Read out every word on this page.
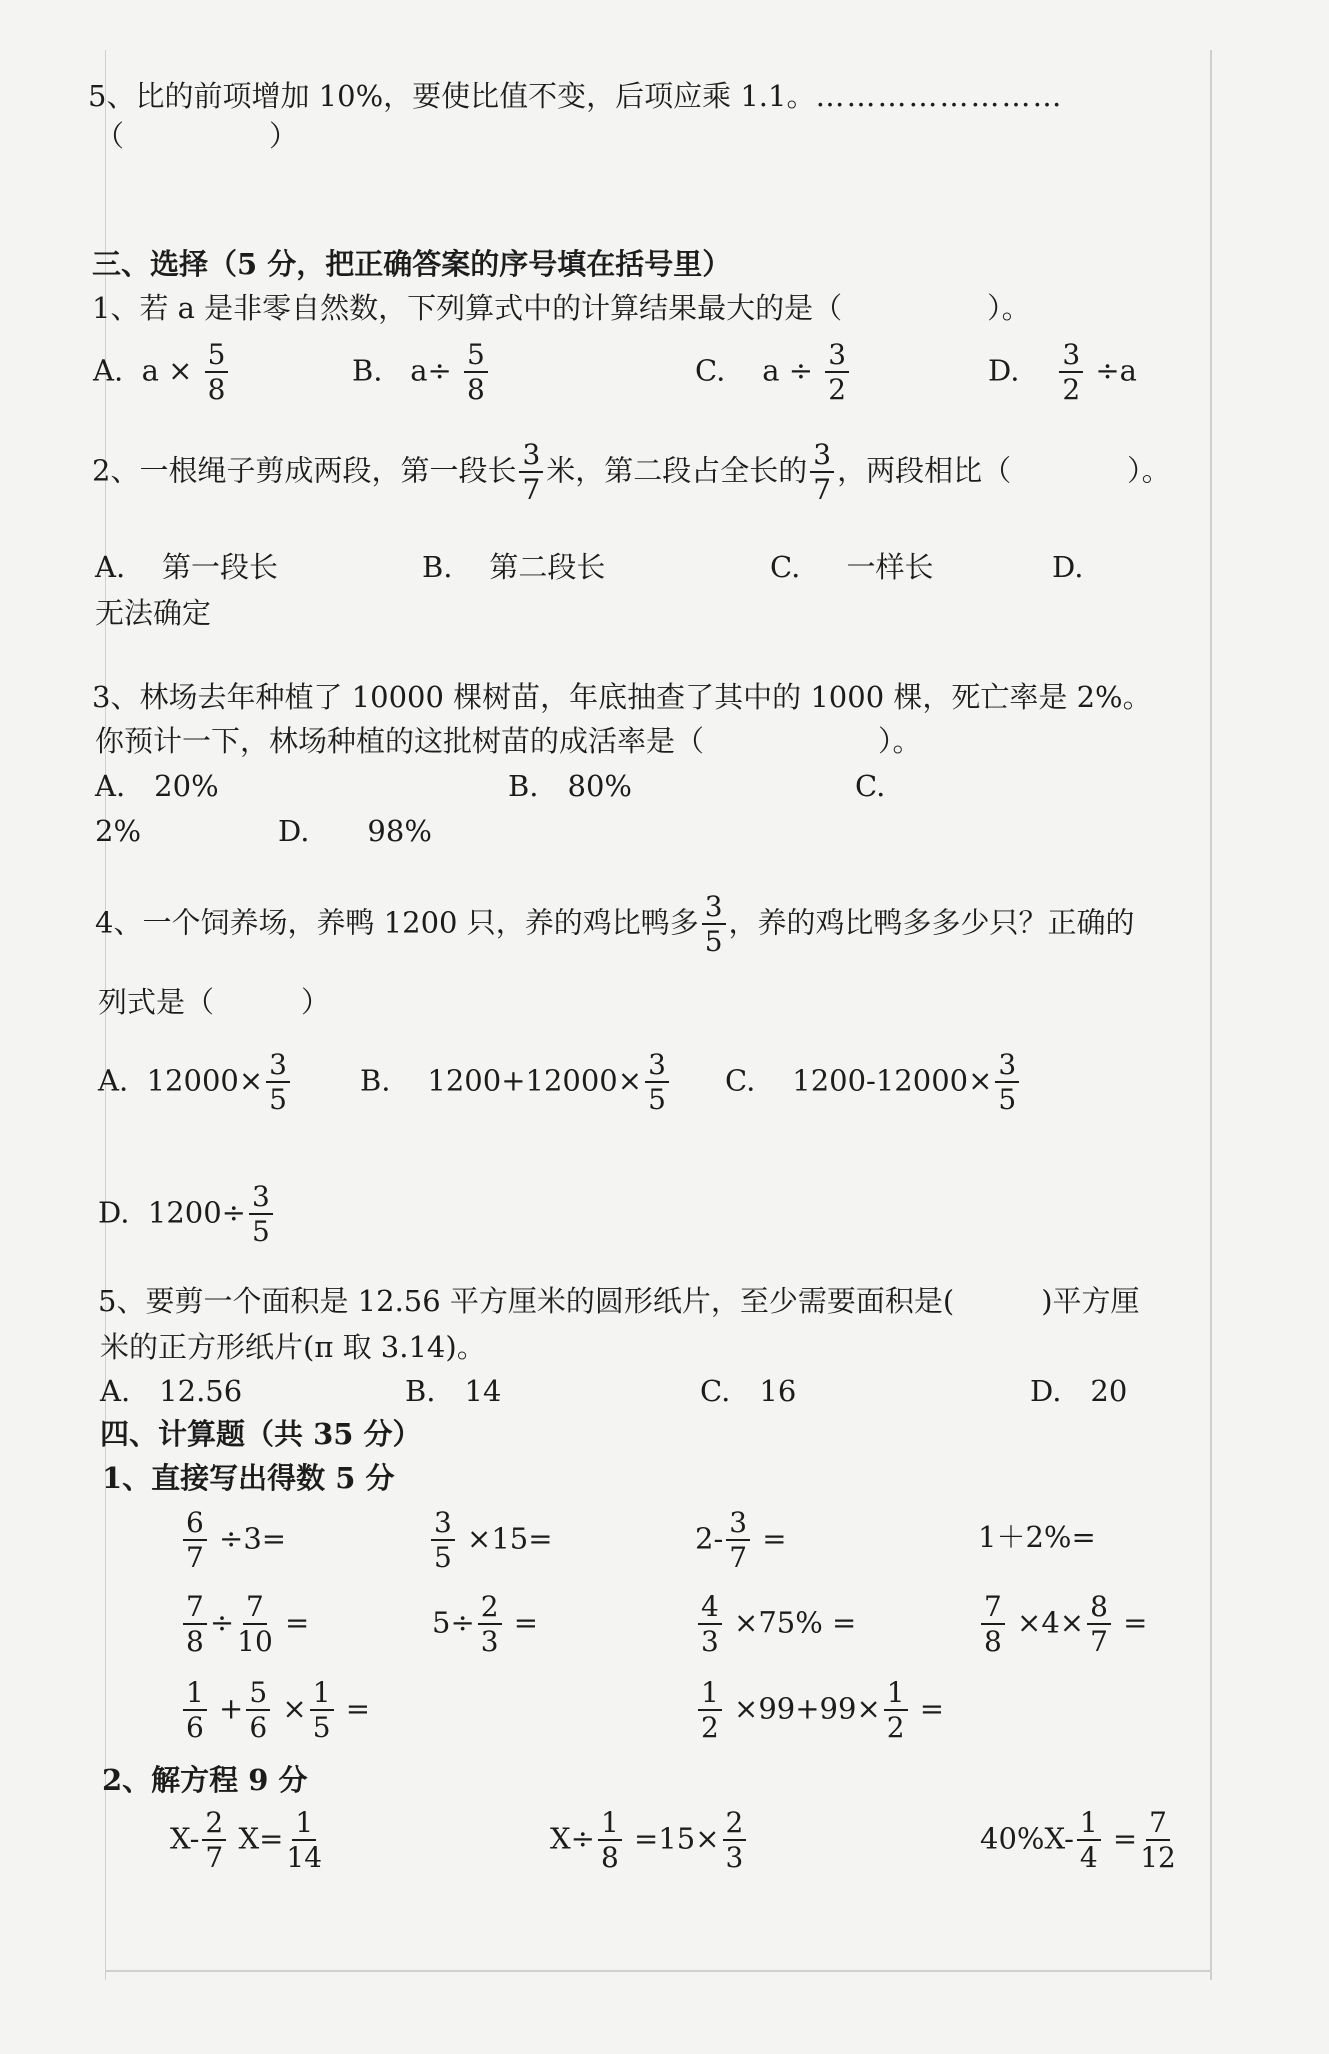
5、比的前项增加 10%，要使比值不变，后项应乘 1.1。……………………
（　　　　　）
三、选择（5 分，把正确答案的序号填在括号里）
1、若 a 是非零自然数，下列算式中的计算结果最大的是（　　　　　）。
A. $a \times \frac{5}{8}$	B. $a\div \frac{5}{8}$	C. $a \div \frac{3}{2}$	D. $\frac{3}{2} \div a$
2、一根绳子剪成两段，第一段长 $\frac{3}{7}$ 米，第二段占全长的 $\frac{3}{7}$ ，两段相比（　　　　）。
A. 第一段长	B. 第二段长	C. 一样长	D.
无法确定
3、林场去年种植了 10000 棵树苗，年底抽查了其中的 1000 棵，死亡率是 2%。
你预计一下，林场种植的这批树苗的成活率是（　　　　　　）。
A.　20%	B.　80%	C.
2%	D.　　98%
4、一个饲养场，养鸭 1200 只，养的鸡比鸭多 $\frac{3}{5}$ ，养的鸡比鸭多多少只？正确的
列式是（　　　）
A. $12000\times \frac{3}{5} B$. $1200+12000\times \frac{3}{5} C$. $1200-12000\times \frac{3}{5}$
D. $1200\div \frac{3}{5}$
5、要剪一个面积是 12.56 平方厘米的圆形纸片，至少需要面积是(　　　)平方厘
米的正方形纸片(π 取 3.14)。
A.　12.56	B.　14	C.　16	D.　20
四、计算题（共 35 分）
1、直接写出得数 5 分
$\frac{6}{7} \div 3=$	$\frac{3}{5} \times 15=$	$2- \frac{3}{7}$ =	1＋2%=
$\frac{7}{8} \div \frac{7}{10}$ =	$5\div \frac{2}{3}$ =	$\frac{4}{3} \times 75\%$ =	$\frac{7}{8} \times 4\times \frac{8}{7}$ =
$\frac{1}{6} + \frac{5}{6} \times \frac{1}{5}$ =	$\frac{1}{2} \times 99+99\times \frac{1}{2}$ =
2、解方程 9 分
$X- \frac{2}{7} X= \frac{1}{14}$	$X\div \frac{1}{8} =15\times \frac{2}{3}$	$40\%X- \frac{1}{4} = \frac{7}{12}$
